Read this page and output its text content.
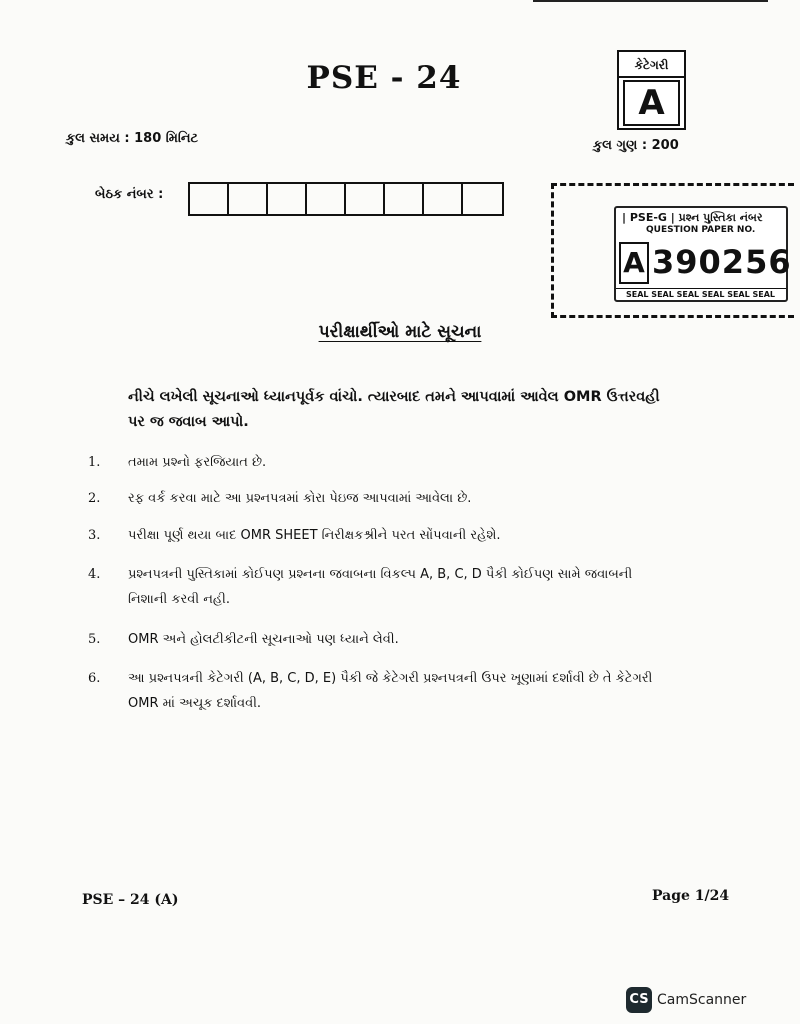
PSE - 24	કેટેગરી
A
કુલ સમય : 180 મિનિટ	કુલ ગુણ : 200
બેઠક નંબર :
| PSE-G | પ્રશ્ન પુસ્તિકા નંબર
QUESTION PAPER NO.
A 390256
SEAL SEAL SEAL SEAL SEAL SEAL
પરીક્ષાર્થીઓ માટે સૂચના
નીચે લખેલી સૂચનાઓ ધ્યાનપૂર્વક વાંચો. ત્યારબાદ તમને આપવામાં આવેલ OMR ઉત્તરવહી પર જ જવાબ આપો.
1. તમામ પ્રશ્નો ફરજિયાત છે.
2. રફ વર્ક કરવા માટે આ પ્રશ્નપત્રમાં કોરા પેઇજ આપવામાં આવેલા છે.
3. પરીક્ષા પૂર્ણ થયા બાદ OMR SHEET નિરીક્ષકશ્રીને પરત સોંપવાની રહેશે.
4. પ્રશ્નપત્રની પુસ્તિકામાં કોઈપણ પ્રશ્નના જવાબના વિકલ્પ A, B, C, D પૈકી કોઈપણ સામે જવાબની નિશાની કરવી નહી.
5. OMR અને હોલટીકીટની સૂચનાઓ પણ ધ્યાને લેવી.
6. આ પ્રશ્નપત્રની કેટેગરી (A, B, C, D, E) પૈકી જે કેટેગરી પ્રશ્નપત્રની ઉપર ખૂણામાં દર્શાવી છે તે કેટેગરી OMR માં અચૂક દર્શાવવી.
PSE – 24 (A)	Page 1/24
CS CamScanner
